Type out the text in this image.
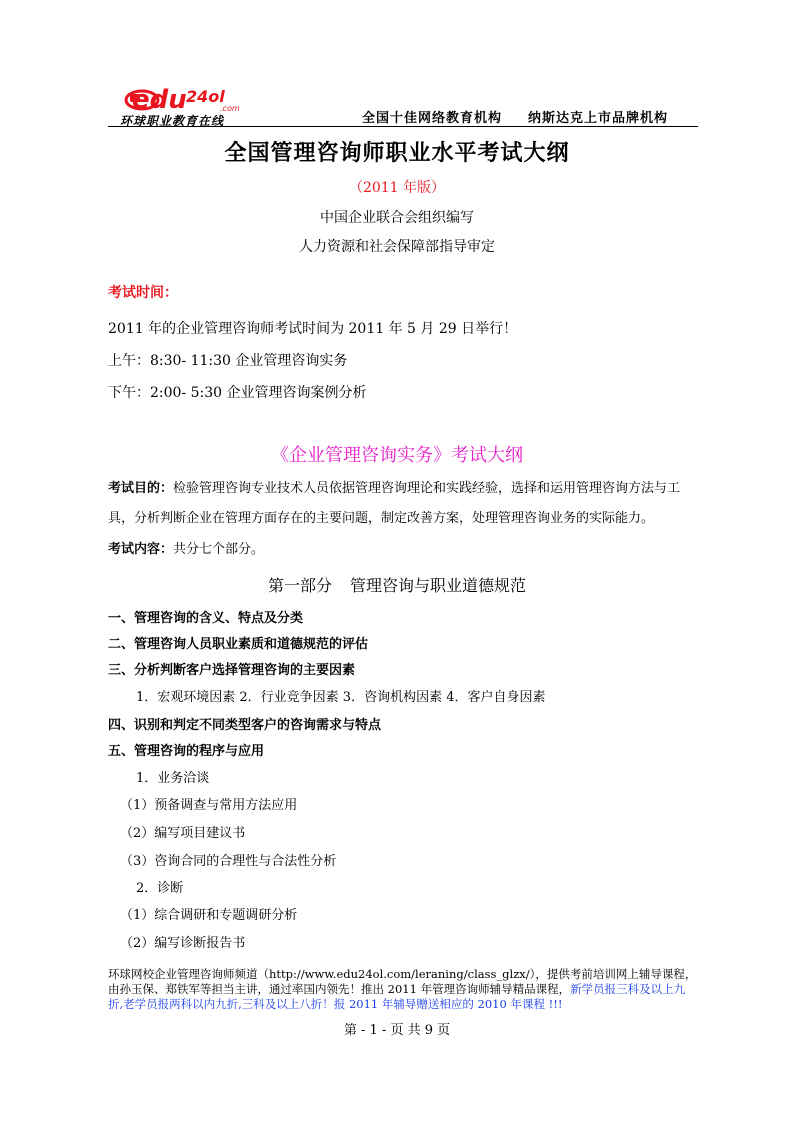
edu 24ol
.com
环球职业教育在线	全国十佳网络教育机构 纳斯达克上市品牌机构
全国管理咨询师职业水平考试大纲
（2011 年版）
中国企业联合会组织编写
人力资源和社会保障部指导审定
考试时间：
2011 年的企业管理咨询师考试时间为 2011 年 5 月 29 日举行！
上午：8:30- 11:30 企业管理咨询实务
下午：2:00- 5:30 企业管理咨询案例分析
《企业管理咨询实务》考试大纲
考试目的：检验管理咨询专业技术人员依据管理咨询理论和实践经验，选择和运用管理咨询方法与工具，分析判断企业在管理方面存在的主要问题，制定改善方案，处理管理咨询业务的实际能力。
考试内容：共分七个部分。
第一部分 管理咨询与职业道德规范
一、管理咨询的含义、特点及分类
二、管理咨询人员职业素质和道德规范的评估
三、分析判断客户选择管理咨询的主要因素
1．宏观环境因素 2．行业竞争因素 3．咨询机构因素 4．客户自身因素
四、识别和判定不同类型客户的咨询需求与特点
五、管理咨询的程序与应用
1．业务洽谈
（1）预备调查与常用方法应用
（2）编写项目建议书
（3）咨询合同的合理性与合法性分析
2．诊断
（1）综合调研和专题调研分析
（2）编写诊断报告书
环球网校企业管理咨询师频道（http://www.edu24ol.com/leraning/class_glzx/），提供考前培训网上辅导课程，由孙玉保、郑铁军等担当主讲，通过率国内领先！推出 2011 年管理咨询师辅导精品课程，新学员报三科及以上九折,老学员报两科以内九折,三科及以上八折！报 2011 年辅导赠送相应的 2010 年课程 !!!
第 - 1 - 页 共 9 页
